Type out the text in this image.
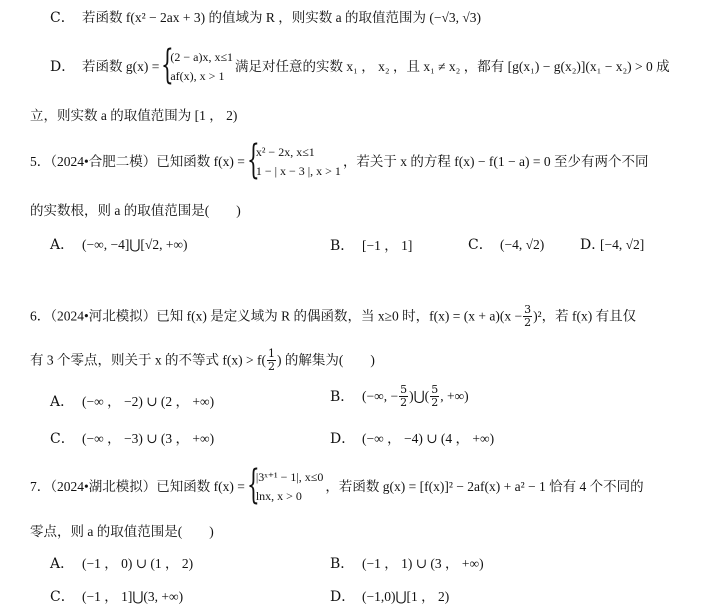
C． 若函数 f(x² − 2ax + 3) 的值域为 R ，则实数 a 的取值范围为 (−√3, √3)
D． 若函数 g(x) = {
(2 − a)x, x≤1
af(x), x > 1
满足对任意的实数 x₁ ， x₂ ，且 x₁ ≠ x₂ ，都有 [g(x₁) − g(x₂)](x₁ − x₂) > 0 成
立，则实数 a 的取值范围为 [1 ， 2)
5．（2024•合肥二模）已知函数 f(x) = {
x² − 2x, x≤1
1 − | x − 3 |, x > 1
，若关于 x 的方程 f(x) − f(1 − a) = 0 至少有两个不同
的实数根，则 a 的取值范围是(　　)
A． (−∞, −4]⋃[√2, +∞)	B． [−1 ， 1]	C． (−4, √2)	D．[−4, √2]
6．（2024•河北模拟）已知 f(x) 是定义域为 R 的偶函数，当 x≥0 时，$f(x) = (x + a)(x - \frac{3}{2} )^2$，若 f(x) 有且仅
有 3 个零点，则关于 x 的不等式 $f(x) > f( \frac{1}{2}$ ) 的解集为(　　)
A． (−∞ ， −2) ∪ (2 ， +∞)	B． (−∞, − $\frac{5}{2}$ )⋃( $\frac{5}{2}$ , +∞)
C． (−∞ ， −3) ∪ (3 ， +∞)	D． (−∞ ， −4) ∪ (4 ， +∞)
7．（2024•湖北模拟）已知函数 f(x) = {
|3ˣ⁺¹ − 1|, x≤0
lnx, x > 0
，若函数 g(x) = [f(x)]² − 2af(x) + a² − 1 恰有 4 个不同的
零点，则 a 的取值范围是(　　)
A． (−1 ， 0) ∪ (1 ， 2)	B． (−1 ， 1) ∪ (3 ， +∞)
C． (−1 ， 1]⋃(3, +∞)	D． (−1,0)⋃[1 ， 2)
